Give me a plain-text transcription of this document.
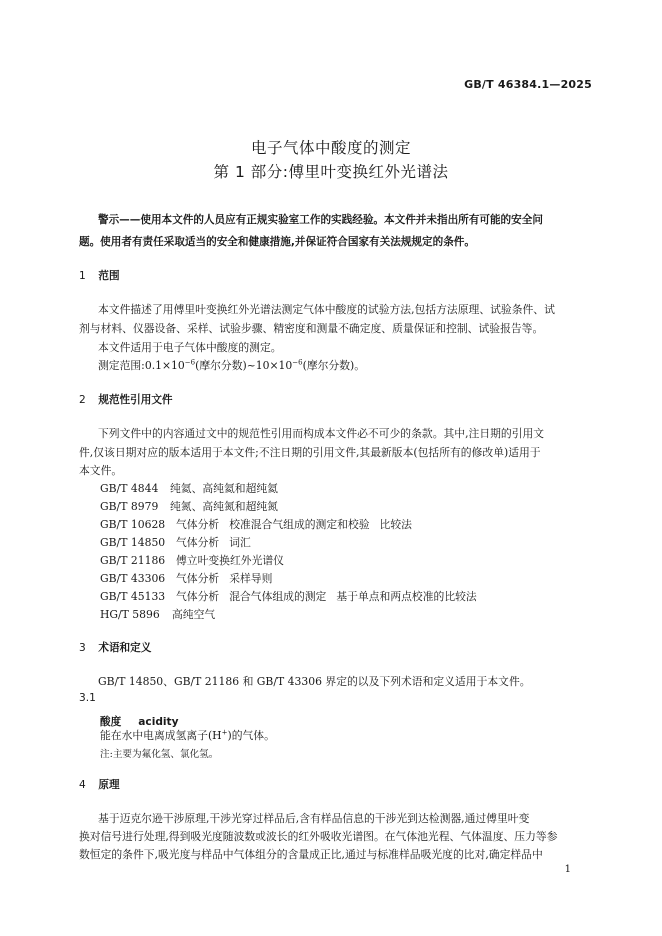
GB/T 46384.1—2025
电子气体中酸度的测定
第 1 部分:傅里叶变换红外光谱法
警示——使用本文件的人员应有正规实验室工作的实践经验。本文件并未指出所有可能的安全问
题。使用者有责任采取适当的安全和健康措施,并保证符合国家有关法规规定的条件。
1 范围
本文件描述了用傅里叶变换红外光谱法测定气体中酸度的试验方法,包括方法原理、试验条件、试
剂与材料、仪器设备、采样、试验步骤、精密度和测量不确定度、质量保证和控制、试验报告等。
本文件适用于电子气体中酸度的测定。
测定范围$:0.1\times 10^{-6}$(摩尔分数)$\sim 10\times 10^{-6}$(摩尔分数)。
2 规范性引用文件
下列文件中的内容通过文中的规范性引用而构成本文件必不可少的条款。其中,注日期的引用文
件,仅该日期对应的版本适用于本文件;不注日期的引用文件,其最新版本(包括所有的修改单)适用于
本文件。
GB/T 4844 纯氦、高纯氦和超纯氦
GB/T 8979 纯氮、高纯氮和超纯氮
GB/T 10628 气体分析 校准混合气组成的测定和校验 比较法
GB/T 14850 气体分析 词汇
GB/T 21186 傅立叶变换红外光谱仪
GB/T 43306 气体分析 采样导则
GB/T 45133 气体分析 混合气体组成的测定 基于单点和两点校准的比较法
HG/T 5896 高纯空气
3 术语和定义
GB/T 14850、GB/T 21186 和 GB/T 43306 界定的以及下列术语和定义适用于本文件。
3.1
酸度 acidity
能在水中电离成氢离子(H+)的气体。
注:主要为氟化氢、氯化氢。
4 原理
基于迈克尔逊干涉原理,干涉光穿过样品后,含有样品信息的干涉光到达检测器,通过傅里叶变
换对信号进行处理,得到吸光度随波数或波长的红外吸收光谱图。在气体池光程、气体温度、压力等参
数恒定的条件下,吸光度与样品中气体组分的含量成正比,通过与标准样品吸光度的比对,确定样品中
1
